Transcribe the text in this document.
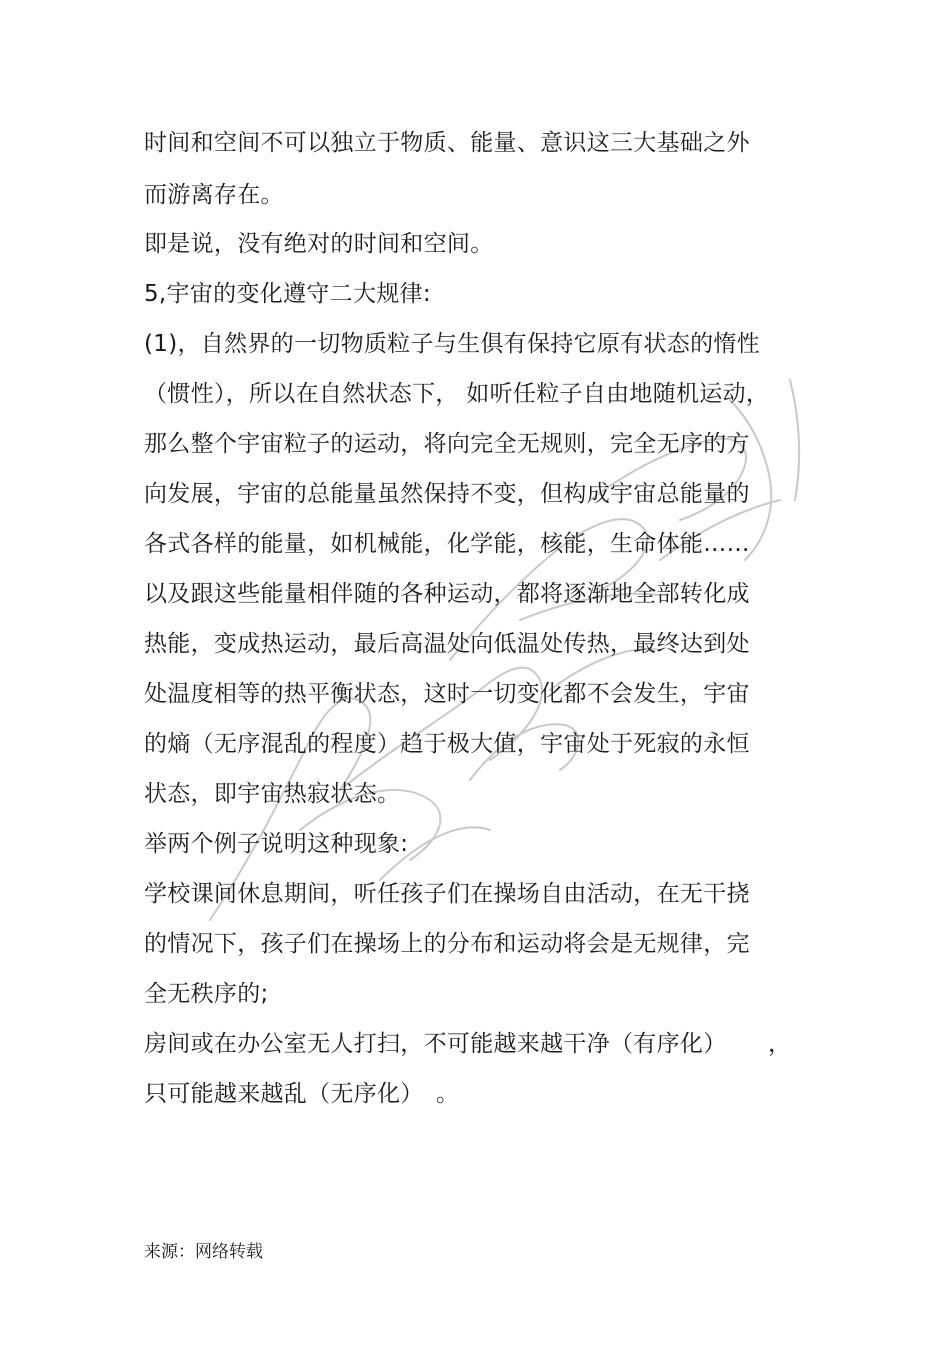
时间和空间不可以独立于物质、能量、意识这三大基础之外
而游离存在。
即是说，没有绝对的时间和空间。
5,宇宙的变化遵守二大规律:
(1)，自然界的一切物质粒子与生俱有保持它原有状态的惰性
（惯性），所以在自然状态下， 如听任粒子自由地随机运动，
那么整个宇宙粒子的运动，将向完全无规则，完全无序的方
向发展，宇宙的总能量虽然保持不变，但构成宇宙总能量的
各式各样的能量，如机械能，化学能，核能，生命体能……
以及跟这些能量相伴随的各种运动，都将逐渐地全部转化成
热能，变成热运动，最后高温处向低温处传热，最终达到处
处温度相等的热平衡状态，这时一切变化都不会发生，宇宙
的熵（无序混乱的程度）趋于极大值，宇宙处于死寂的永恒
状态，即宇宙热寂状态。
举两个例子说明这种现象:
学校课间休息期间，听任孩子们在操场自由活动，在无干挠
的情况下，孩子们在操场上的分布和运动将会是无规律，完
全无秩序的;
房间或在办公室无人打扫，不可能越来越干净（有序化） ，
只可能越来越乱（无序化） 。
来源：网络转载
